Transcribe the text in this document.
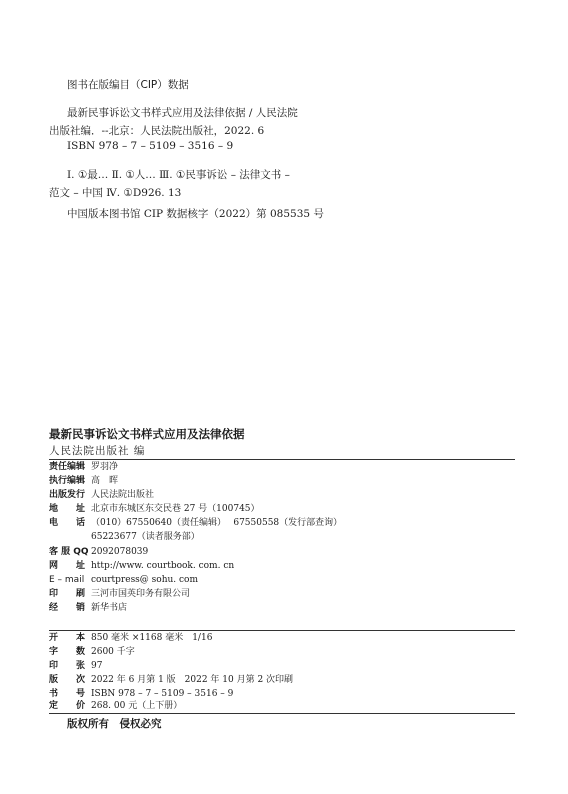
图书在版编目（CIP）数据
最新民事诉讼文书样式应用及法律依据 / 人民法院
出版社编．--北京：人民法院出版社，2022. 6
ISBN 978 – 7 – 5109 – 3516 – 9
Ⅰ. ①最… Ⅱ. ①人… Ⅲ. ①民事诉讼 – 法律文书 –
范文 – 中国 Ⅳ. ①D926. 13
中国版本图书馆 CIP 数据核字（2022）第 085535 号
最新民事诉讼文书样式应用及法律依据
人民法院出版社 编
责任编辑 罗羽净
执行编辑 高　晖
出版发行 人民法院出版社
地　　址 北京市东城区东交民巷 27 号（100745）
电　　话 （010）67550640（责任编辑）　 67550558（发行部查询）
65223677（读者服务部）
客 服 QQ 2092078039
网　　址 http://www. courtbook. com. cn
E – mail courtpress@ sohu. com
印　　刷 三河市国英印务有限公司
经　　销 新华书店
开　　本 850 毫米 ×1168 毫米　1/16
字　　数 2600 千字
印　　张 97
版　　次 2022 年 6 月第 1 版　2022 年 10 月第 2 次印刷
书　　号 ISBN 978 – 7 – 5109 – 3516 – 9
定　　价 268. 00 元（上下册）
版权所有　侵权必究
